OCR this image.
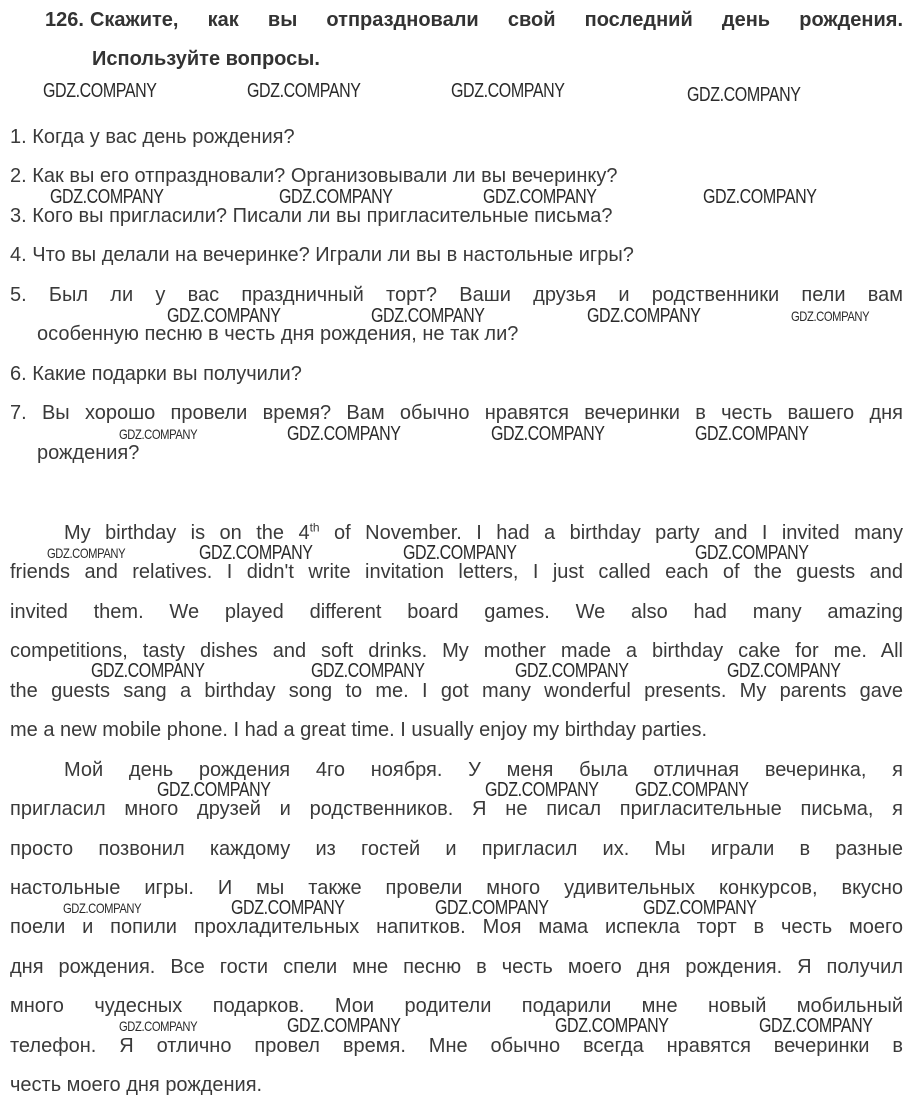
126. Скажите, как вы отпраздновали свой последний день рождения.
Используйте вопросы.
1. Когда у вас день рождения?
2. Как вы его отпраздновали? Организовывали ли вы вечеринку?
3. Кого вы пригласили? Писали ли вы пригласительные письма?
4. Что вы делали на вечеринке? Играли ли вы в настольные игры?
5. Был ли у вас праздничный торт? Ваши друзья и родственники пели вам
особенную песню в честь дня рождения, не так ли?
6. Какие подарки вы получили?
7. Вы хорошо провели время? Вам обычно нравятся вечеринки в честь вашего дня
рождения?
My birthday is on the 4th of November. I had a birthday party and I invited many
friends and relatives. I didn't write invitation letters, I just called each of the guests and
invited them. We played different board games. We also had many amazing
competitions, tasty dishes and soft drinks. My mother made a birthday cake for me. All
the guests sang a birthday song to me. I got many wonderful presents. My parents gave
me a new mobile phone. I had a great time. I usually enjoy my birthday parties.
Мой день рождения 4го ноября. У меня была отличная вечеринка, я
пригласил много друзей и родственников. Я не писал пригласительные письма, я
просто позвонил каждому из гостей и пригласил их. Мы играли в разные
настольные игры. И мы также провели много удивительных конкурсов, вкусно
поели и попили прохладительных напитков. Моя мама испекла торт в честь моего
дня рождения. Все гости спели мне песню в честь моего дня рождения. Я получил
много чудесных подарков. Мои родители подарили мне новый мобильный
телефон. Я отлично провел время. Мне обычно всегда нравятся вечеринки в
честь моего дня рождения.
GDZ.COMPANY	GDZ.COMPANY	GDZ.COMPANY	GDZ.COMPANY
GDZ.COMPANY	GDZ.COMPANY	GDZ.COMPANY	GDZ.COMPANY
GDZ.COMPANY	GDZ.COMPANY	GDZ.COMPANY	GDZ.COMPANY
GDZ.COMPANY	GDZ.COMPANY	GDZ.COMPANY	GDZ.COMPANY
GDZ.COMPANY	GDZ.COMPANY	GDZ.COMPANY	GDZ.COMPANY
GDZ.COMPANY	GDZ.COMPANY	GDZ.COMPANY	GDZ.COMPANY
GDZ.COMPANY	GDZ.COMPANY GDZ.COMPANY
GDZ.COMPANY	GDZ.COMPANY	GDZ.COMPANY	GDZ.COMPANY
GDZ.COMPANY	GDZ.COMPANY	GDZ.COMPANY	GDZ.COMPANY
